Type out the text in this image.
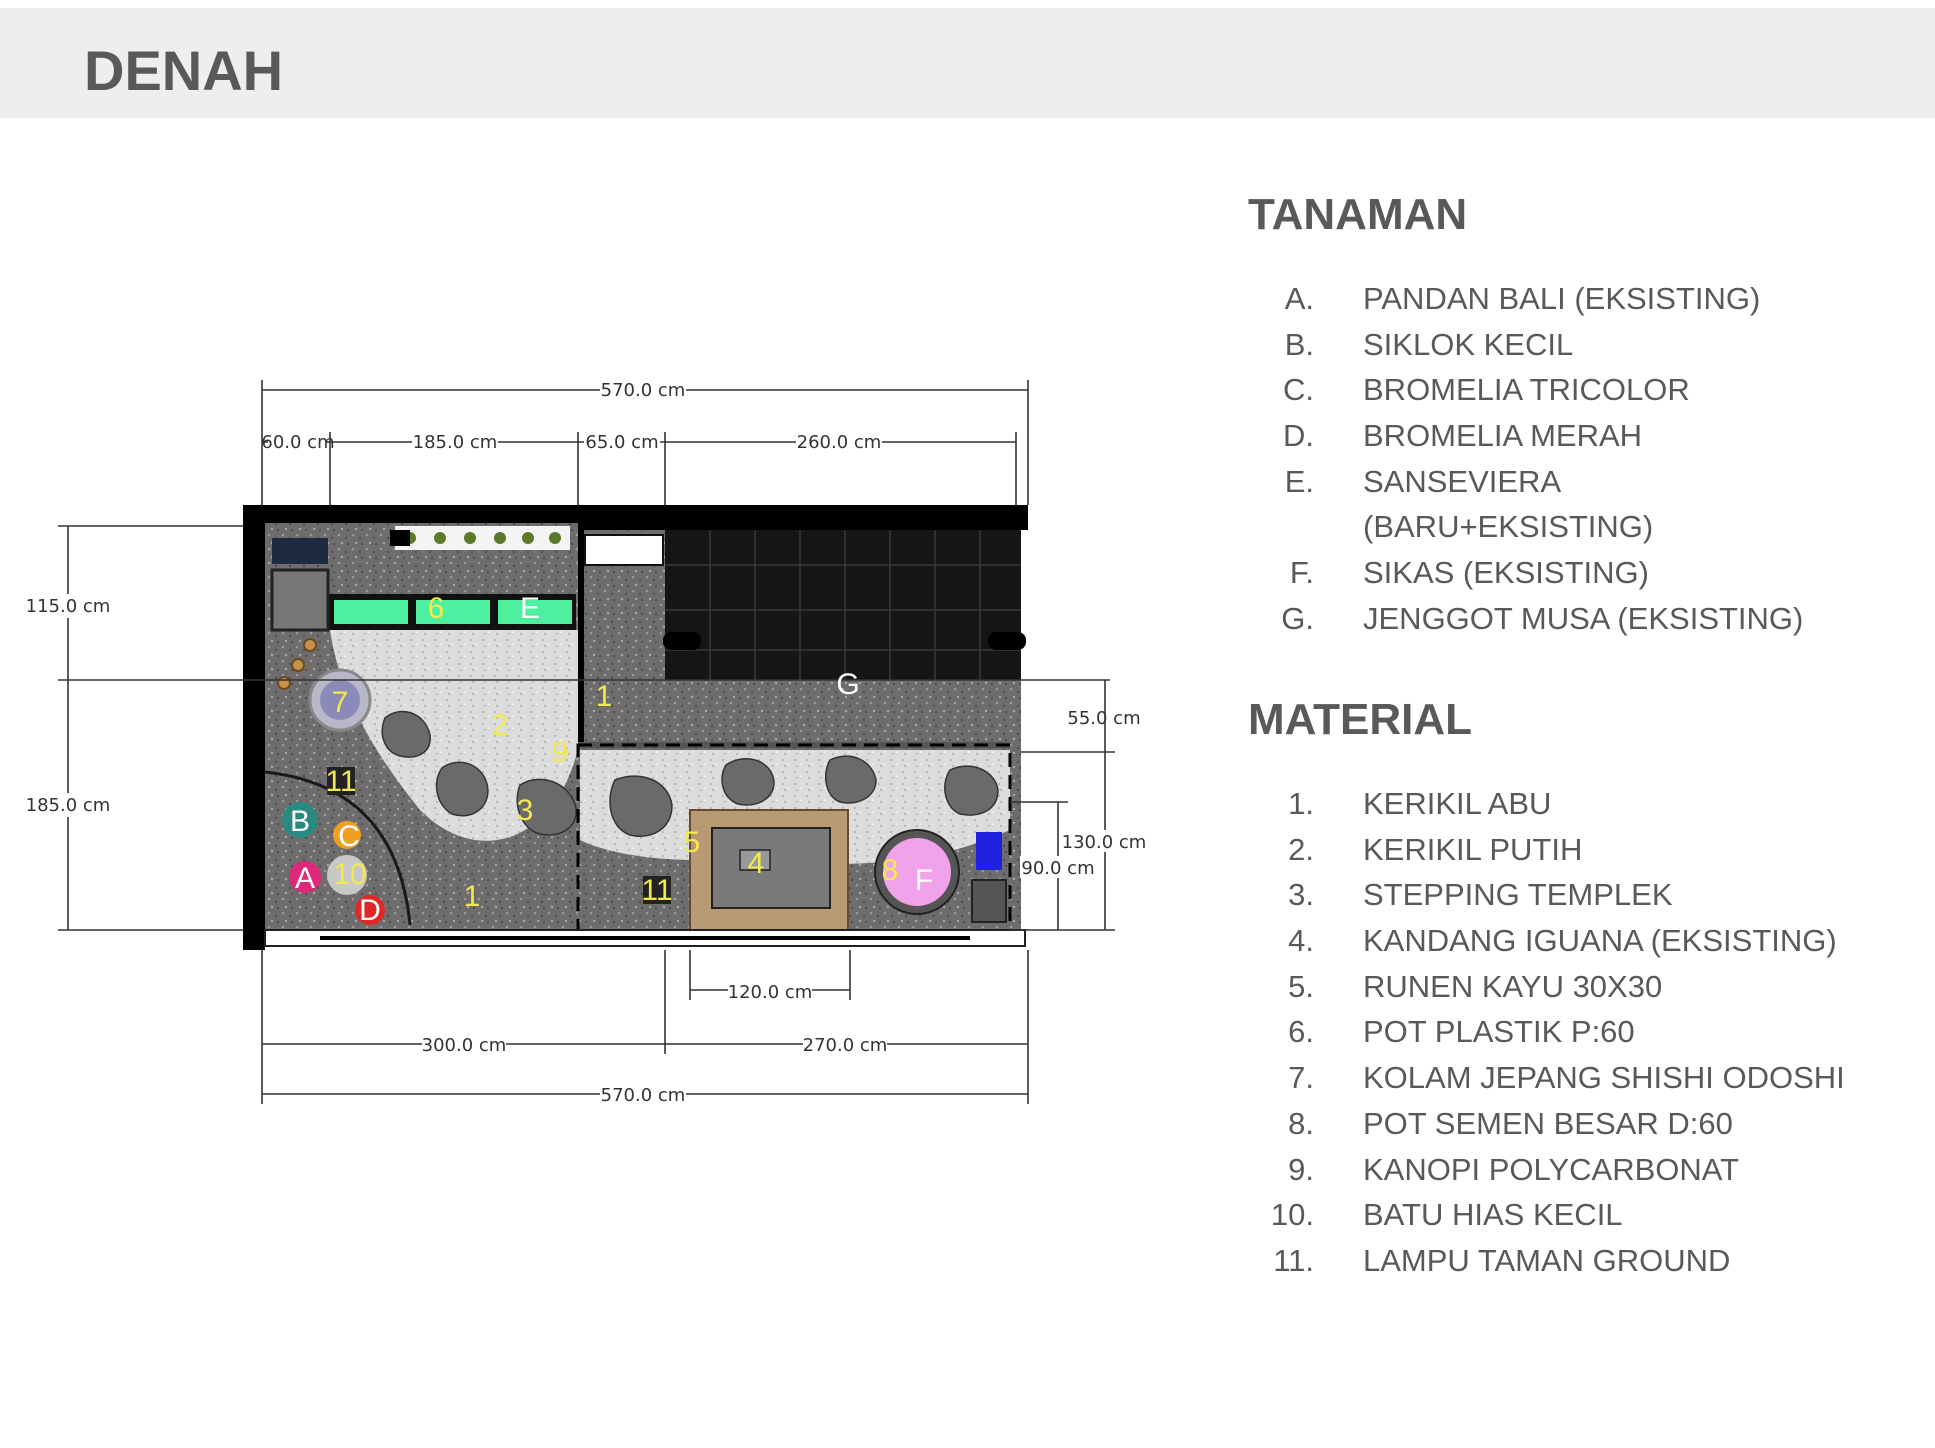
DENAH
570.0 cm
60.0 cm	185.0 cm	65.0 cm	260.0 cm
115.0 cm
185.0 cm
55.0 cm
130.0 cm
90.0 cm
120.0 cm
300.0 cm	270.0 cm
570.0 cm
6	E
7
2
1	G
9
11
3
5
4	8 F
B C
10
A
D	1	11
TANAMAN
A. PANDAN BALI (EKSISTING)
B. SIKLOK KECIL
C. BROMELIA TRICOLOR
D. BROMELIA MERAH
E. SANSEVIERA
(BARU+EKSISTING)
F. SIKAS (EKSISTING)
G. JENGGOT MUSA (EKSISTING)
MATERIAL
1. KERIKIL ABU
2. KERIKIL PUTIH
3. STEPPING TEMPLEK
4. KANDANG IGUANA (EKSISTING)
5. RUNEN KAYU 30X30
6. POT PLASTIK P:60
7. KOLAM JEPANG SHISHI ODOSHI
8. POT SEMEN BESAR D:60
9. KANOPI POLYCARBONAT
10. BATU HIAS KECIL
11. LAMPU TAMAN GROUND
